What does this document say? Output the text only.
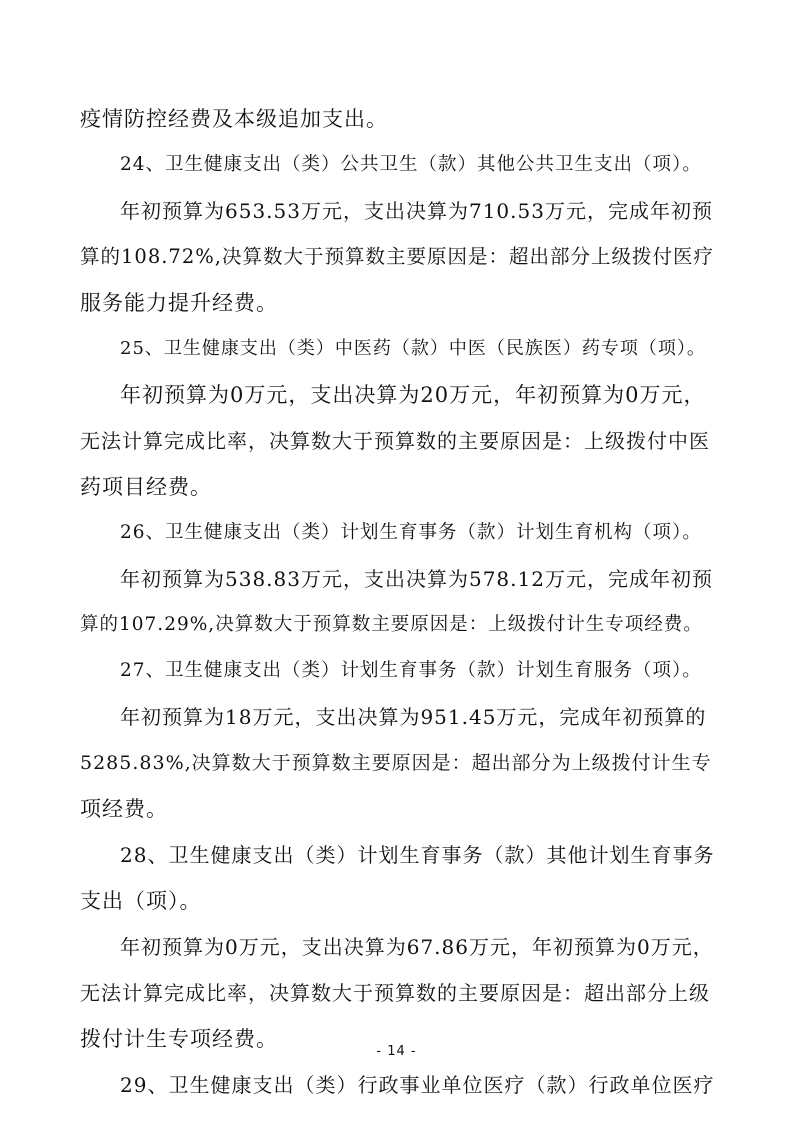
疫情防控经费及本级追加支出。
24、卫生健康支出（类）公共卫生（款）其他公共卫生支出（项）。
年初预算为653.53万元，支出决算为710.53万元，完成年初预
算的108.72%,决算数大于预算数主要原因是：超出部分上级拨付医疗
服务能力提升经费。
25、卫生健康支出（类）中医药（款）中医（民族医）药专项（项）。
年初预算为0万元，支出决算为20万元，年初预算为0万元，
无法计算完成比率，决算数大于预算数的主要原因是：上级拨付中医
药项目经费。
26、卫生健康支出（类）计划生育事务（款）计划生育机构（项）。
年初预算为538.83万元，支出决算为578.12万元，完成年初预
算的107.29%,决算数大于预算数主要原因是：上级拨付计生专项经费。
27、卫生健康支出（类）计划生育事务（款）计划生育服务（项）。
年初预算为18万元，支出决算为951.45万元，完成年初预算的
5285.83%,决算数大于预算数主要原因是：超出部分为上级拨付计生专
项经费。
28、卫生健康支出（类）计划生育事务（款）其他计划生育事务
支出（项）。
年初预算为0万元，支出决算为67.86万元，年初预算为0万元，
无法计算完成比率，决算数大于预算数的主要原因是：超出部分上级
拨付计生专项经费。
29、卫生健康支出（类）行政事业单位医疗（款）行政单位医疗
- 14 -
